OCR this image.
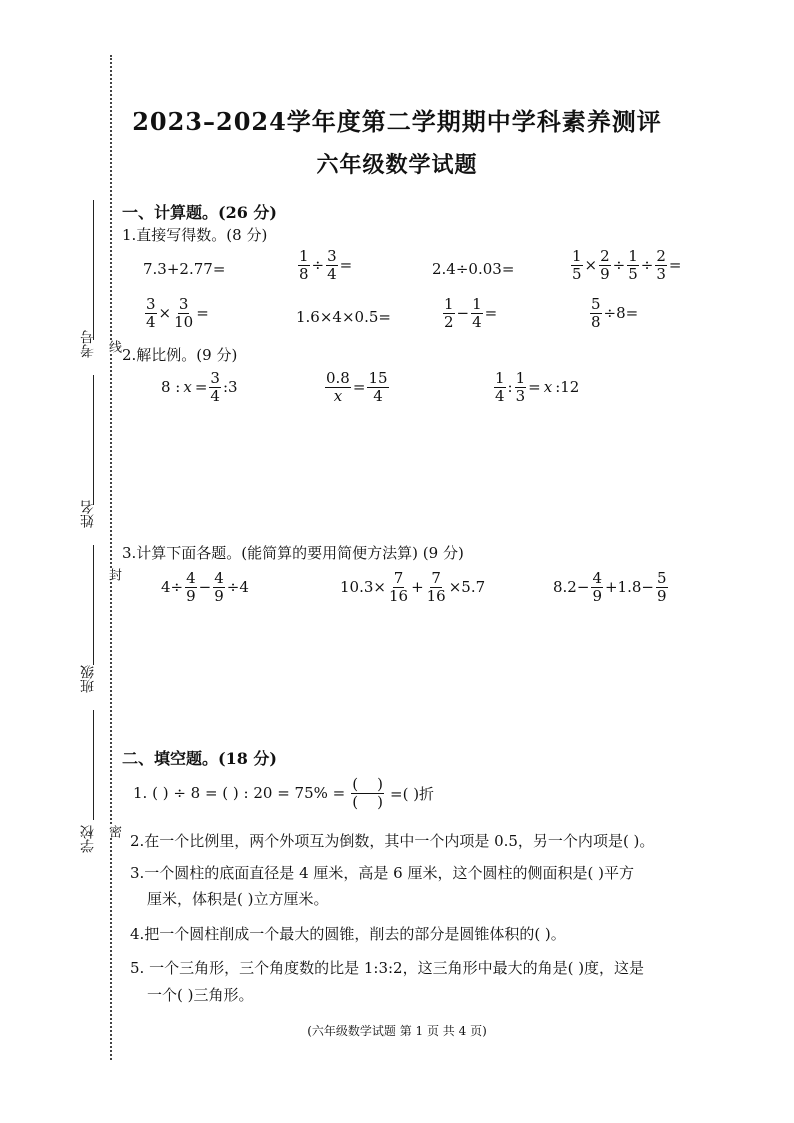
考号
姓名
班级
学校
线
封
密
2023–2024学年度第二学期期中学科素养测评
六年级数学试题
一、计算题。(26 分)
1.直接写得数。(8 分)
7.3+2.77=	$\frac{1}{8} \div \frac{3}{4}$ =	2.4÷0.03=	$\frac{1}{5} \times \frac{2}{9} \div \frac{1}{5} \div \frac{2}{3}$ =
$\frac{3}{4} \times \frac{3}{10}$ =	1.6×4×0.5=	$\frac{1}{2} - \frac{1}{4}$ =	$\frac{5}{8} \div 8=$
2.解比例。(9 分)
8 : $x = \frac{3}{4}$ :3	$\frac{0.8}{x} = \frac{15}{4}$	$\frac{1}{4}$ : $\frac{1}{3} = x$ :12
3.计算下面各题。(能简算的要用简便方法算) (9 分)
$4\div \frac{4}{9} - \frac{4}{9} \div 4$	$10.3\times \frac{7}{16} + \frac{7}{16} \times 5.7$	$8.2- \frac{4}{9} +1.8- \frac{5}{9}$
二、填空题。(18 分)
1. ( ) ÷ 8 = ( ) : $20 = 75\% = \frac{( )}{( )}$ =( )折
2.在一个比例里，两个外项互为倒数，其中一个内项是 0.5，另一个内项是( )。
3.一个圆柱的底面直径是 4 厘米，高是 6 厘米，这个圆柱的侧面积是( )平方
厘米，体积是( )立方厘米。
4.把一个圆柱削成一个最大的圆锥，削去的部分是圆锥体积的( )。
5. 一个三角形，三个角度数的比是 1:3:2，这三角形中最大的角是( )度，这是
一个( )三角形。
(六年级数学试题 第 1 页 共 4 页)
